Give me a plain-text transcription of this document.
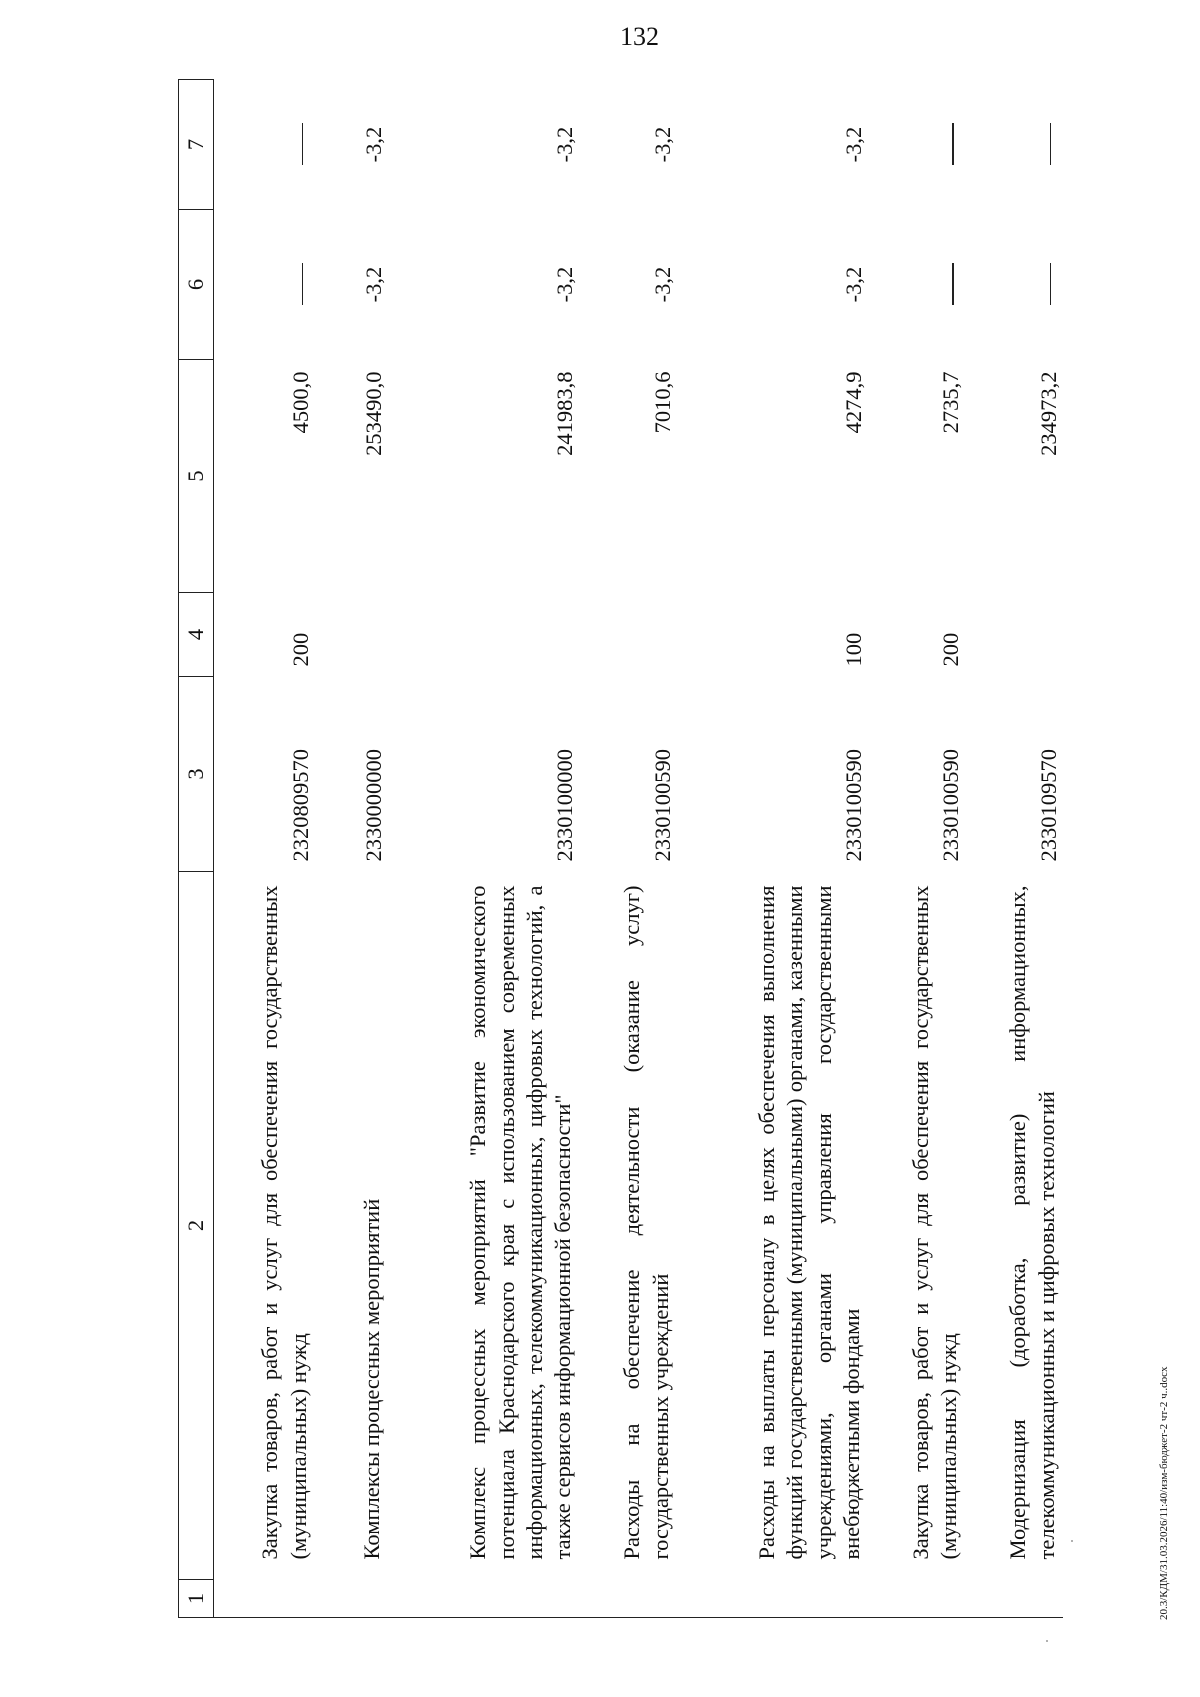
132
20.3/КДМ/31.03.2026/11:40/изм-бюджет-2 чт-2 ч..docx
1	2	3	4	5	6	7
	Закупка товаров, работ и услуг для обеспечения государственных (муниципальных) нужд	2320809570	200	4500,0		
	Комплексы процессных мероприятий	2330000000		253490,0	-3,2	-3,2
	Комплекс процессных мероприятий "Развитие экономического потенциала Краснодарского края с использованием современных информационных, телекоммуникационных, цифровых технологий, а также сервисов информационной безопасности"	2330100000		241983,8	-3,2	-3,2
	Расходы на обеспечение деятельности (оказание услуг) государственных учреждений	2330100590		7010,6	-3,2	-3,2
	Расходы на выплаты персоналу в целях обеспечения выполнения функций государственными (муниципальными) органами, казенными учреждениями, органами управления государственными внебюджетными фондами	2330100590	100	4274,9	-3,2	-3,2
	Закупка товаров, работ и услуг для обеспечения государственных (муниципальных) нужд	2330100590	200	2735,7		
	Модернизация (доработка, развитие) информационных, телекоммуникационных и цифровых технологий	2330109570		234973,2		
